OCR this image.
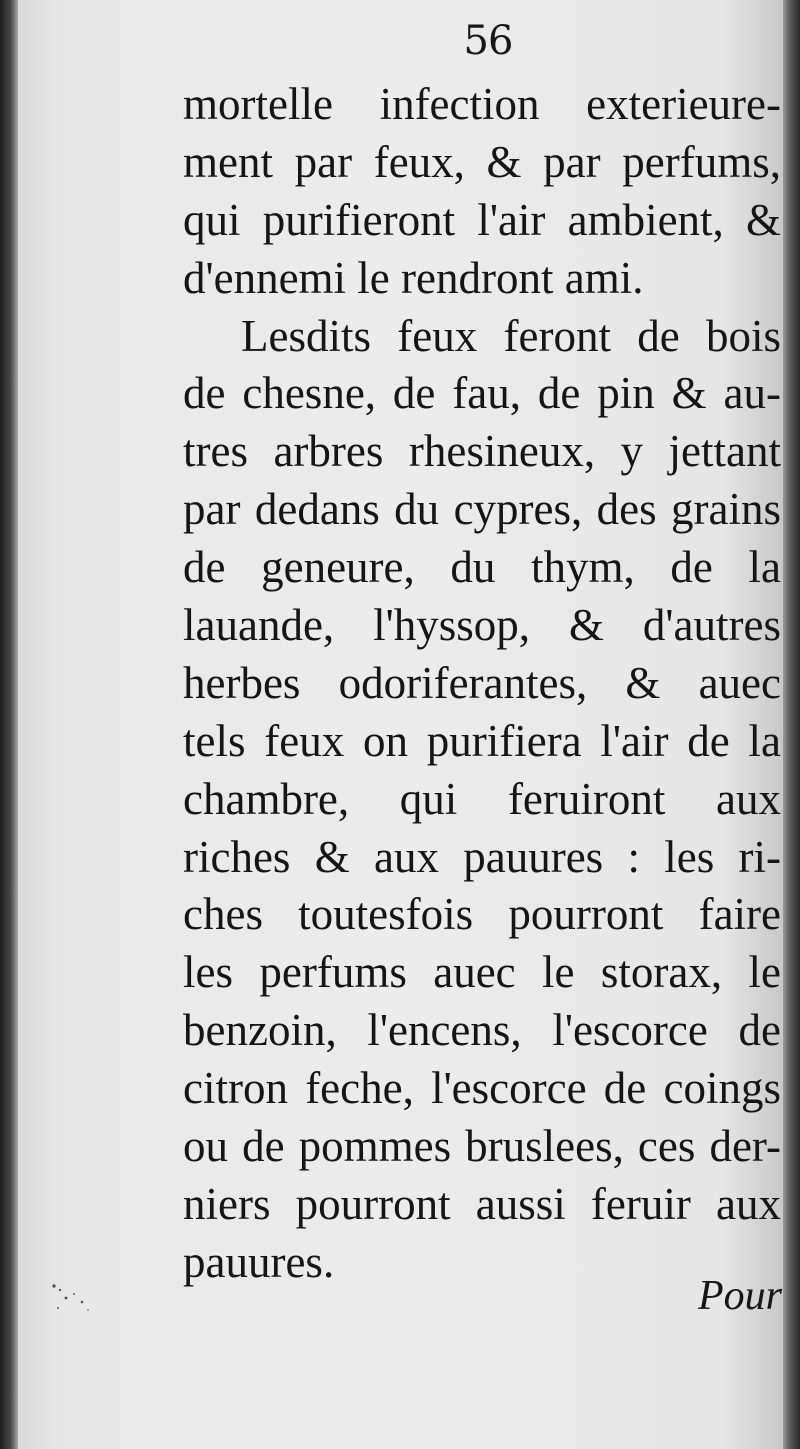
56
mortelle infection exterieure-
ment par feux, & par perfums,
qui purifieront l'air ambient, &
d'ennemi le rendront ami.
Lesdits feux feront de bois
de chesne, de fau, de pin & au-
tres arbres rhesineux, y jettant
par dedans du cypres, des grains
de geneure, du thym, de la
lauande, l'hyssop, & d'autres
herbes odoriferantes, & auec
tels feux on purifiera l'air de la
chambre, qui feruiront aux
riches & aux pauures : les ri-
ches toutesfois pourront faire
les perfums auec le storax, le
benzoin, l'encens, l'escorce de
citron feche, l'escorce de coings
ou de pommes bruslees, ces der-
niers pourront aussi feruir aux
pauures.
Pour
